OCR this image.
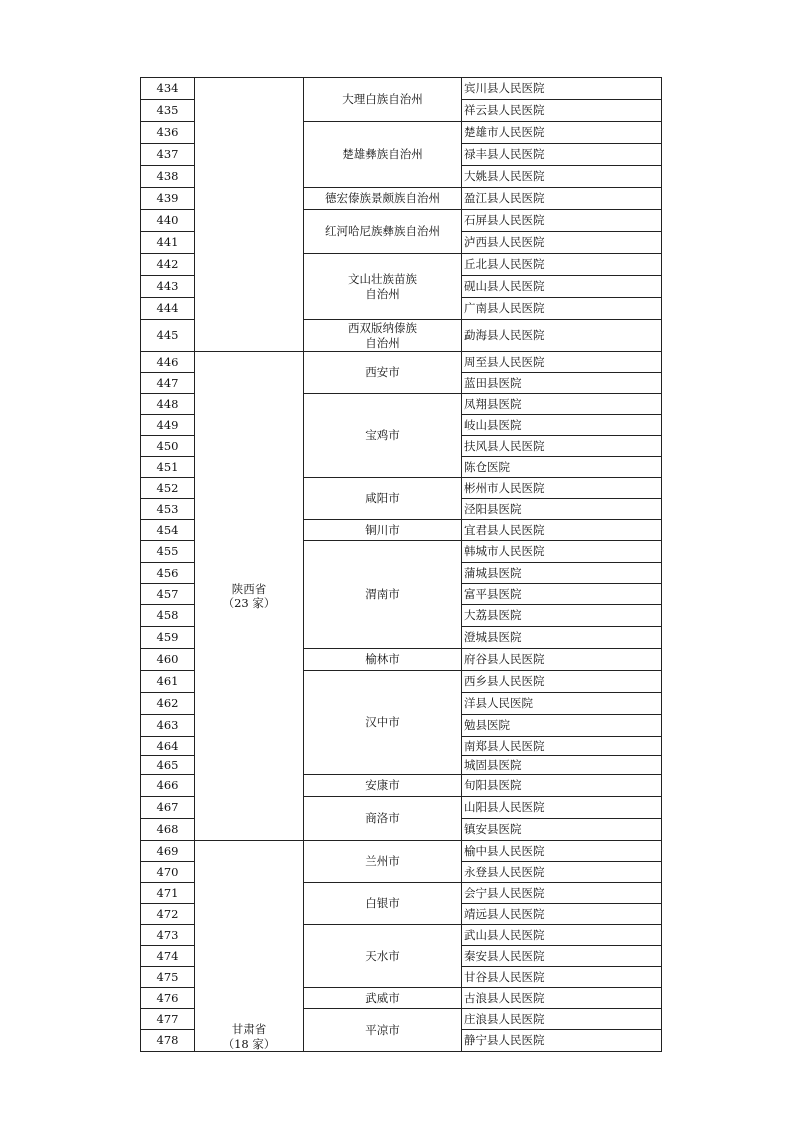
434		大理白族自治州	宾川县人民医院
435			祥云县人民医院
436		楚雄彝族自治州	楚雄市人民医院
437			禄丰县人民医院
438			大姚县人民医院
439		德宏傣族景颇族自治州	盈江县人民医院
440		红河哈尼族彝族自治州	石屏县人民医院
441			泸西县人民医院
442		文山壮族苗族
自治州	丘北县人民医院
443			砚山县人民医院
444			广南县人民医院
445		西双版纳傣族
自治州	勐海县人民医院
446	陕西省
（23 家）	西安市	周至县人民医院
447			蓝田县医院
448		宝鸡市	凤翔县医院
449			岐山县医院
450			扶风县人民医院
451			陈仓医院
452		咸阳市	彬州市人民医院
453			泾阳县医院
454		铜川市	宜君县人民医院
455		渭南市	韩城市人民医院
456			蒲城县医院
457			富平县医院
458			大荔县医院
459			澄城县医院
460		榆林市	府谷县人民医院
461		汉中市	西乡县人民医院
462			洋县人民医院
463			勉县医院
464			南郑县人民医院
465			城固县医院
466		安康市	旬阳县医院
467		商洛市	山阳县人民医院
468			镇安县医院
469	甘肃省
（18 家）	兰州市	榆中县人民医院
470			永登县人民医院
471		白银市	会宁县人民医院
472			靖远县人民医院
473		天水市	武山县人民医院
474			秦安县人民医院
475			甘谷县人民医院
476		武威市	古浪县人民医院
477		平凉市	庄浪县人民医院
478			静宁县人民医院
